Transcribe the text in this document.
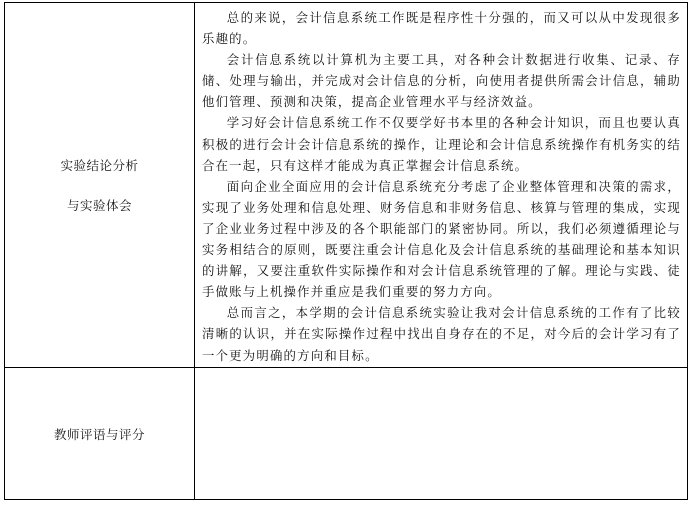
实验结论分析
与实验体会

总的来说，会计信息系统工作既是程序性十分强的，而又可以从中发现很多乐趣的。

会计信息系统以计算机为主要工具，对各种会计数据进行收集、记录、存储、处理与输出，并完成对会计信息的分析，向使用者提供所需会计信息，辅助他们管理、预测和决策，提高企业管理水平与经济效益。

学习好会计信息系统工作不仅要学好书本里的各种会计知识，而且也要认真积极的进行会计会计信息系统的操作，让理论和会计信息系统操作有机务实的结合在一起，只有这样才能成为真正掌握会计信息系统。

面向企业全面应用的会计信息系统充分考虑了企业整体管理和决策的需求，实现了业务处理和信息处理、财务信息和非财务信息、核算与管理的集成，实现了企业业务过程中涉及的各个职能部门的紧密协同。所以，我们必须遵循理论与实务相结合的原则，既要注重会计信息化及会计信息系统的基础理论和基本知识的讲解，又要注重软件实际操作和对会计信息系统管理的了解。理论与实践、徒手做账与上机操作并重应是我们重要的努力方向。

总而言之，本学期的会计信息系统实验让我对会计信息系统的工作有了比较清晰的认识，并在实际操作过程中找出自身存在的不足，对今后的会计学习有了一个更为明确的方向和目标。

教师评语与评分
